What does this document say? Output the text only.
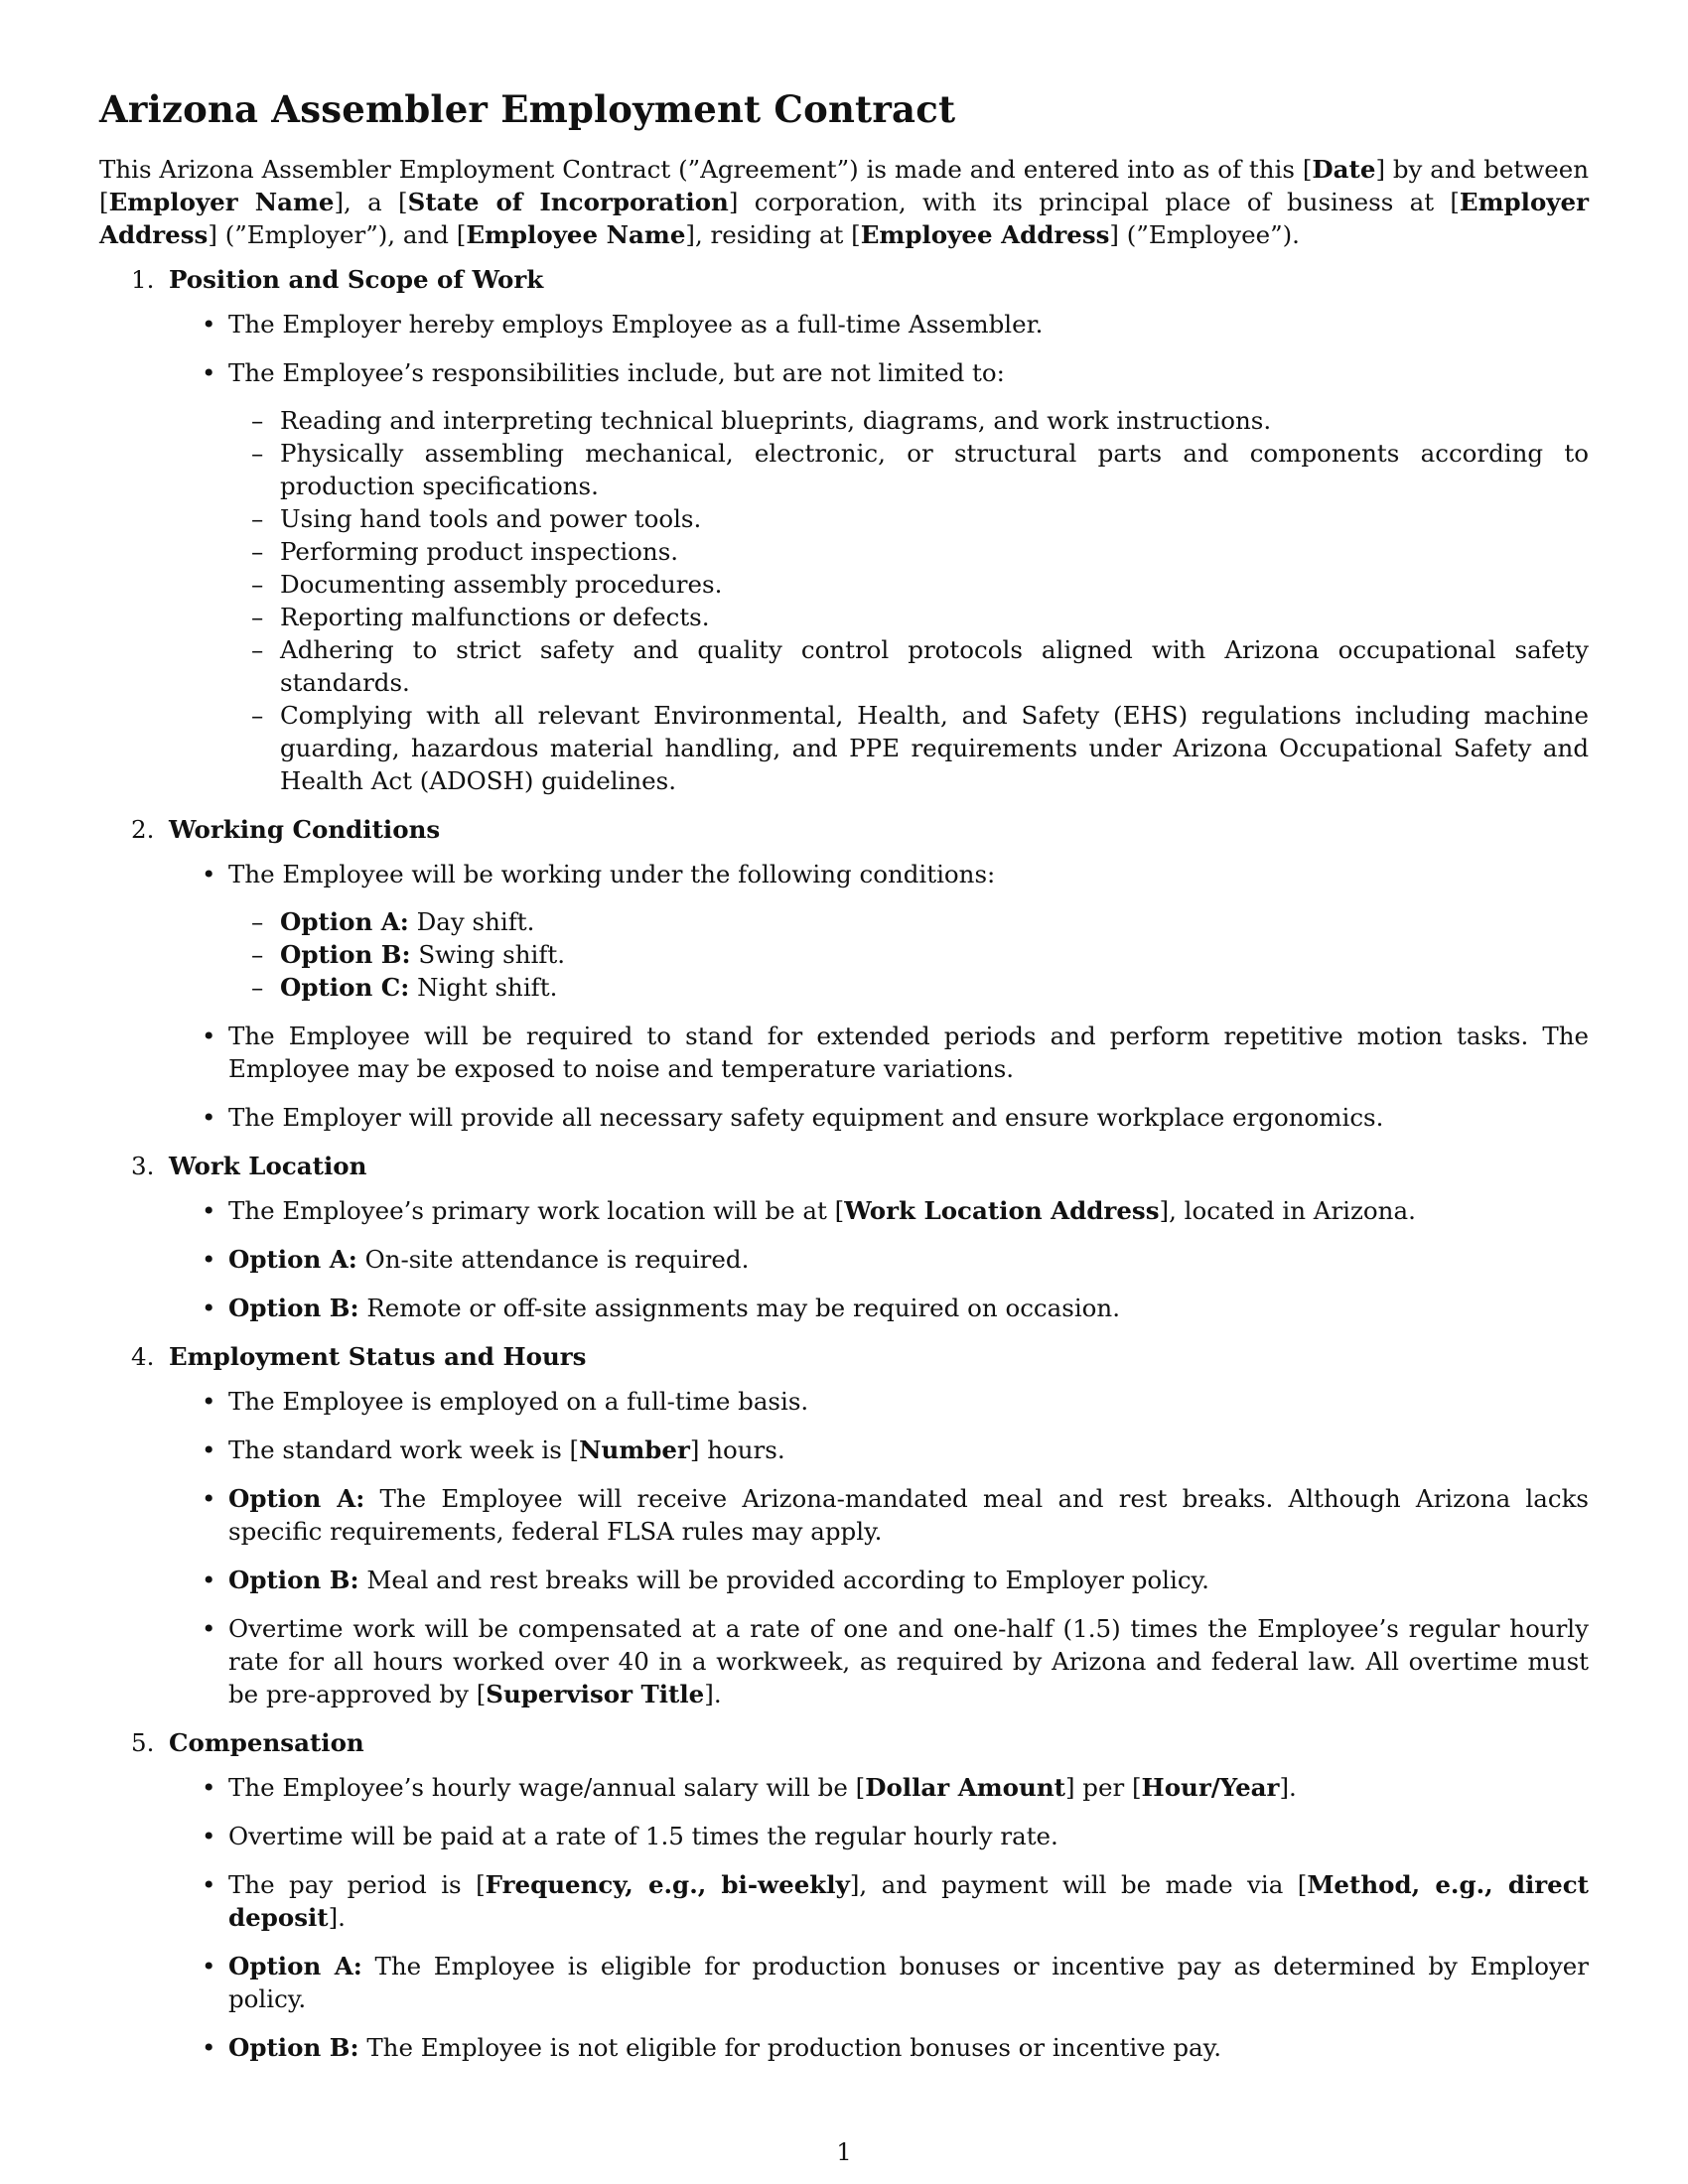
Arizona Assembler Employment Contract

This Arizona Assembler Employment Contract (”Agreement”) is made and entered into as of this [Date] by and between [Employer Name], a [State of Incorporation] corporation, with its principal place of business at [Employer Address] (”Employer”), and [Employee Name], residing at [Employee Address] (”Employee”).

1. Position and Scope of Work
• The Employer hereby employs Employee as a full-time Assembler.
• The Employee’s responsibilities include, but are not limited to:
– Reading and interpreting technical blueprints, diagrams, and work instructions.
– Physically assembling mechanical, electronic, or structural parts and components according to production specifications.
– Using hand tools and power tools.
– Performing product inspections.
– Documenting assembly procedures.
– Reporting malfunctions or defects.
– Adhering to strict safety and quality control protocols aligned with Arizona occupational safety standards.
– Complying with all relevant Environmental, Health, and Safety (EHS) regulations including machine guarding, hazardous material handling, and PPE requirements under Arizona Occupational Safety and Health Act (ADOSH) guidelines.
2. Working Conditions
• The Employee will be working under the following conditions:
– Option A: Day shift.
– Option B: Swing shift.
– Option C: Night shift.
• The Employee will be required to stand for extended periods and perform repetitive motion tasks. The Employee may be exposed to noise and temperature variations.
• The Employer will provide all necessary safety equipment and ensure workplace ergonomics.
3. Work Location
• The Employee’s primary work location will be at [Work Location Address], located in Arizona.
• Option A: On-site attendance is required.
• Option B: Remote or off-site assignments may be required on occasion.
4. Employment Status and Hours
• The Employee is employed on a full-time basis.
• The standard work week is [Number] hours.
• Option A: The Employee will receive Arizona-mandated meal and rest breaks. Although Arizona lacks specific requirements, federal FLSA rules may apply.
• Option B: Meal and rest breaks will be provided according to Employer policy.
• Overtime work will be compensated at a rate of one and one-half (1.5) times the Employee’s regular hourly rate for all hours worked over 40 in a workweek, as required by Arizona and federal law. All overtime must be pre-approved by [Supervisor Title].
5. Compensation
• The Employee’s hourly wage/annual salary will be [Dollar Amount] per [Hour/Year].
• Overtime will be paid at a rate of 1.5 times the regular hourly rate.
• The pay period is [Frequency, e.g., bi-weekly], and payment will be made via [Method, e.g., direct deposit].
• Option A: The Employee is eligible for production bonuses or incentive pay as determined by Employer policy.
• Option B: The Employee is not eligible for production bonuses or incentive pay.
1
